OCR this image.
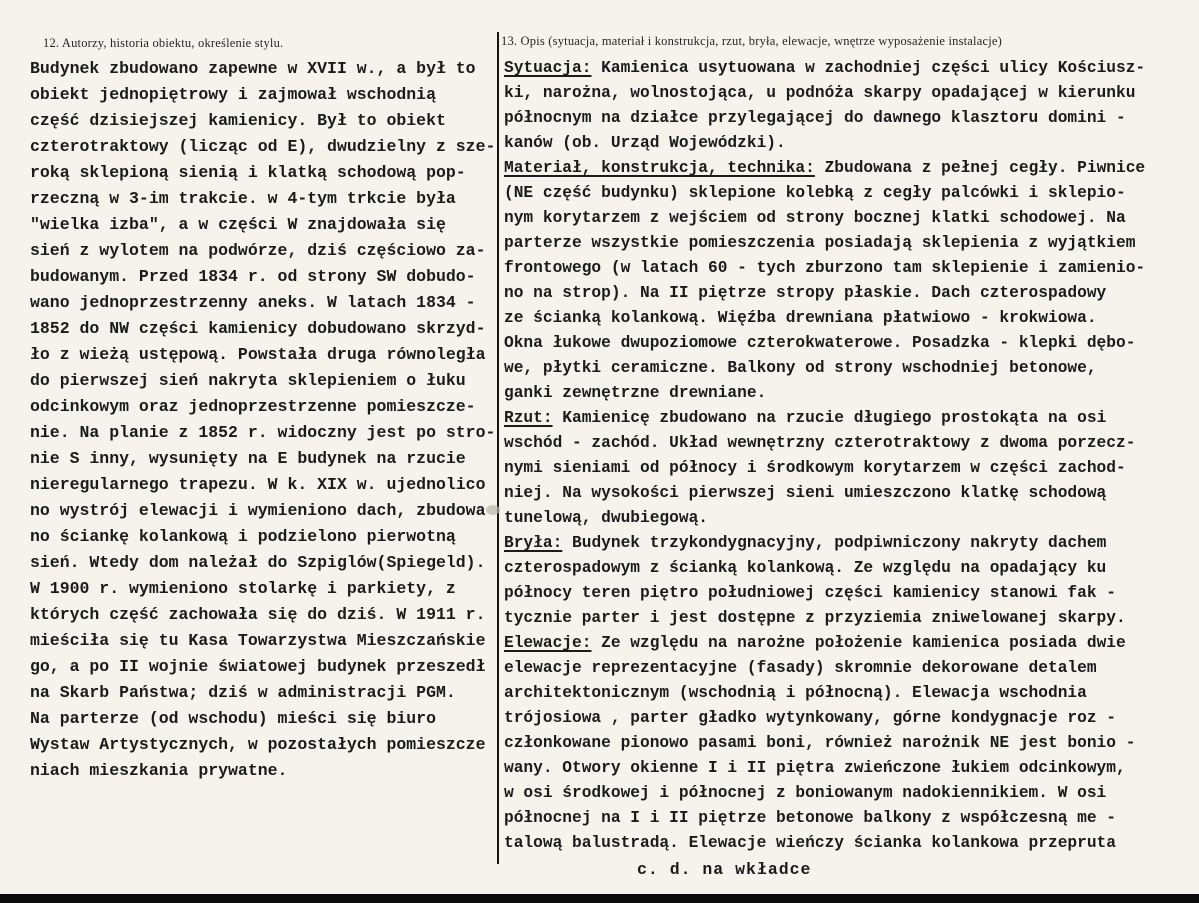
12. Autorzy, historia obiektu, określenie stylu.	13. Opis (sytuacja, materiał i konstrukcja, rzut, bryła, elewacje, wnętrze wyposażenie instalacje)
Budynek zbudowano zapewne w XVII w., a był to
obiekt jednopiętrowy i zajmował wschodnią
część dzisiejszej kamienicy. Był to obiekt
czterotraktowy (licząc od E), dwudzielny z sze-
roką sklepioną sienią i klatką schodową pop-
rzeczną w 3-im trakcie. w 4-tym trkcie była
"wielka izba", a w części W znajdowała się
sień z wylotem na podwórze, dziś częściowo za-
budowanym. Przed 1834 r. od strony SW dobudo-
wano jednoprzestrzenny aneks. W latach 1834 -
1852 do NW części kamienicy dobudowano skrzyd-
ło z wieżą ustępową. Powstała druga równoległa
do pierwszej sień nakryta sklepieniem o łuku
odcinkowym oraz jednoprzestrzenne pomieszcze-
nie. Na planie z 1852 r. widoczny jest po stro-
nie S inny, wysunięty na E budynek na rzucie
nieregularnego trapezu. W k. XIX w. ujednolico
no wystrój elewacji i wymieniono dach, zbudowa
no ściankę kolankową i podzielono pierwotną
sień. Wtedy dom należał do Szpiglów(Spiegeld).
W 1900 r. wymieniono stolarkę i parkiety, z
których część zachowała się do dziś. W 1911 r.
mieściła się tu Kasa Towarzystwa Mieszczańskie
go, a po II wojnie światowej budynek przeszedł
na Skarb Państwa; dziś w administracji PGM.
Na parterze (od wschodu) mieści się biuro
Wystaw Artystycznych, w pozostałych pomieszcze
niach mieszkania prywatne.
Sytuacja: Kamienica usytuowana w zachodniej części ulicy Kościusz-
ki, narożna, wolnostojąca, u podnóża skarpy opadającej w kierunku
północnym na działce przylegającej do dawnego klasztoru domini -
kanów (ob. Urząd Wojewódzki).
Materiał, konstrukcja, technika: Zbudowana z pełnej cegły. Piwnice
(NE część budynku) sklepione kolebką z cegły palcówki i sklepio-
nym korytarzem z wejściem od strony bocznej klatki schodowej. Na
parterze wszystkie pomieszczenia posiadają sklepienia z wyjątkiem
frontowego (w latach 60 - tych zburzono tam sklepienie i zamienio-
no na strop). Na II piętrze stropy płaskie. Dach czterospadowy
ze ścianką kolankową. Więźba drewniana płatwiowo - krokwiowa.
Okna łukowe dwupoziomowe czterokwaterowe. Posadzka - klepki dębo-
we, płytki ceramiczne. Balkony od strony wschodniej betonowe,
ganki zewnętrzne drewniane.
Rzut: Kamienicę zbudowano na rzucie długiego prostokąta na osi
wschód - zachód. Układ wewnętrzny czterotraktowy z dwoma porzecz-
nymi sieniami od północy i środkowym korytarzem w części zachod-
niej. Na wysokości pierwszej sieni umieszczono klatkę schodową
tunelową, dwubiegową.
Bryła: Budynek trzykondygnacyjny, podpiwniczony nakryty dachem
czterospadowym z ścianką kolankową. Ze względu na opadający ku
północy teren piętro południowej części kamienicy stanowi fak -
tycznie parter i jest dostępne z przyziemia zniwelowanej skarpy.
Elewacje: Ze względu na narożne położenie kamienica posiada dwie
elewacje reprezentacyjne (fasady) skromnie dekorowane detalem
architektonicznym (wschodnią i północną). Elewacja wschodnia
trójosiowa , parter gładko wytynkowany, górne kondygnacje roz -
członkowane pionowo pasami boni, również narożnik NE jest bonio -
wany. Otwory okienne I i II piętra zwieńczone łukiem odcinkowym,
w osi środkowej i północnej z boniowanym nadokiennikiem. W osi
północnej na I i II piętrze betonowe balkony z współczesną me -
talową balustradą. Elewacje wieńczy ścianka kolankowa przepruta
c. d. na wkładce
